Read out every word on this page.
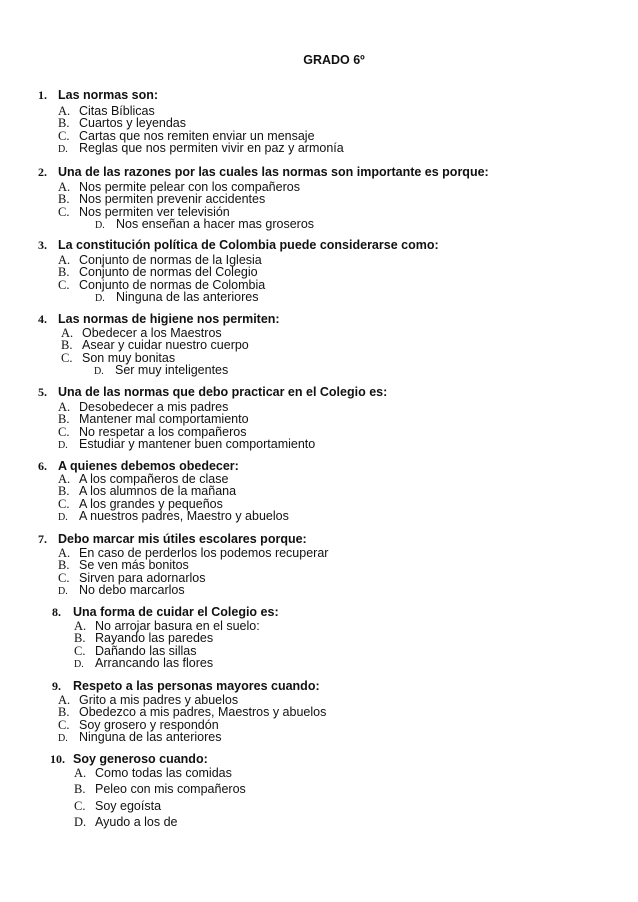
GRADO 6º
1. Las normas son:
A. Citas Bíblicas
B. Cuartos y leyendas
C. Cartas que nos remiten enviar un mensaje
D. Reglas que nos permiten vivir en paz y armonía
2. Una de las razones por las cuales las normas son importante es porque:
A. Nos permite pelear con los compañeros
B. Nos permiten prevenir accidentes
C. Nos permiten ver televisión
D. Nos enseñan a hacer mas groseros
3. La constitución política de Colombia puede considerarse como:
A. Conjunto de normas de la Iglesia
B. Conjunto de normas del Colegio
C. Conjunto de normas de Colombia
D. Ninguna de las anteriores
4. Las normas de higiene nos permiten:
A. Obedecer a los Maestros
B. Asear y cuidar nuestro cuerpo
C. Son muy bonitas
D. Ser muy inteligentes
5. Una de las normas que debo practicar en el Colegio es:
A. Desobedecer a mis padres
B. Mantener mal comportamiento
C. No respetar a los compañeros
D. Estudiar y mantener buen comportamiento
6. A quienes debemos obedecer:
A. A los compañeros de clase
B. A los alumnos de la mañana
C. A los grandes y pequeños
D. A nuestros padres, Maestro y abuelos
7. Debo marcar mis útiles escolares porque:
A. En caso de perderlos los podemos recuperar
B. Se ven más bonitos
C. Sirven para adornarlos
D. No debo marcarlos
8. Una forma de cuidar el Colegio es:
A. No arrojar basura en el suelo:
B. Rayando las paredes
C. Dañando las sillas
D. Arrancando las flores
9. Respeto a las personas mayores cuando:
A. Grito a mis padres y abuelos
B. Obedezco a mis padres, Maestros y abuelos
C. Soy grosero y respondón
D. Ninguna de las anteriores
10. Soy generoso cuando:
A. Como todas las comidas
B. Peleo con mis compañeros
C. Soy egoísta
D. Ayudo a los de
